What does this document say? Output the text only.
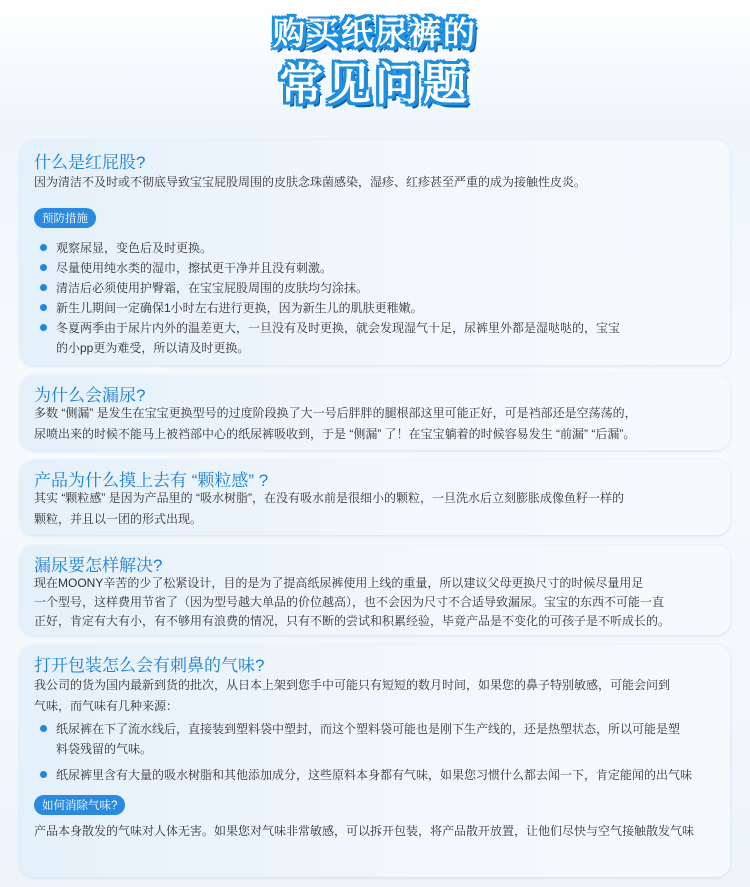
购买纸尿裤的
常见问题
什么是红屁股?
因为清洁不及时或不彻底导致宝宝屁股周围的皮肤念珠菌感染，湿疹、红疹甚至严重的成为接触性皮炎。
预防措施
观察尿显，变色后及时更换。
尽量使用纯水类的湿巾，擦拭更干净并且没有刺激。
清洁后必须使用护臀霜，在宝宝屁股周围的皮肤均匀涂抹。
新生儿期间一定确保1小时左右进行更换，因为新生儿的肌肤更稚嫩。
冬夏两季由于尿片内外的温差更大，一旦没有及时更换，就会发现湿气十足，尿裤里外都是湿哒哒的，宝宝
的小pp更为难受，所以请及时更换。
为什么会漏尿?
多数 “侧漏” 是发生在宝宝更换型号的过度阶段换了大一号后胖胖的腿根部这里可能正好，可是裆部还是空荡荡的，
尿喷出来的时候不能马上被裆部中心的纸尿裤吸收到，于是 “侧漏” 了！在宝宝躺着的时候容易发生 “前漏” “后漏”。
产品为什么摸上去有 “颗粒感” ?
其实 “颗粒感” 是因为产品里的 “吸水树脂”，在没有吸水前是很细小的颗粒，一旦洗水后立刻膨胀成像鱼籽一样的
颗粒，并且以一团的形式出现。
漏尿要怎样解决?
现在MOONY辛苦的少了松紧设计，目的是为了提高纸尿裤使用上线的重量，所以建议父母更换尺寸的时候尽量用足
一个型号，这样费用节省了（因为型号越大单品的价位越高），也不会因为尺寸不合适导致漏尿。宝宝的东西不可能一直
正好，肯定有大有小，有不够用有浪费的情况，只有不断的尝试和积累经验，毕竟产品是不变化的可孩子是不听成长的。
打开包装怎么会有刺鼻的气味?
我公司的货为国内最新到货的批次，从日本上架到您手中可能只有短短的数月时间，如果您的鼻子特别敏感，可能会问到
气味，而气味有几种来源：
纸尿裤在下了流水线后，直接装到塑料袋中塑封，而这个塑料袋可能也是刚下生产线的，还是热塑状态，所以可能是塑
料袋残留的气味。
纸尿裤里含有大量的吸水树脂和其他添加成分，这些原料本身都有气味，如果您习惯什么都去闻一下，肯定能闻的出气味
如何消除气味?
产品本身散发的气味对人体无害。如果您对气味非常敏感，可以拆开包装，将产品散开放置，让他们尽快与空气接触散发气味
